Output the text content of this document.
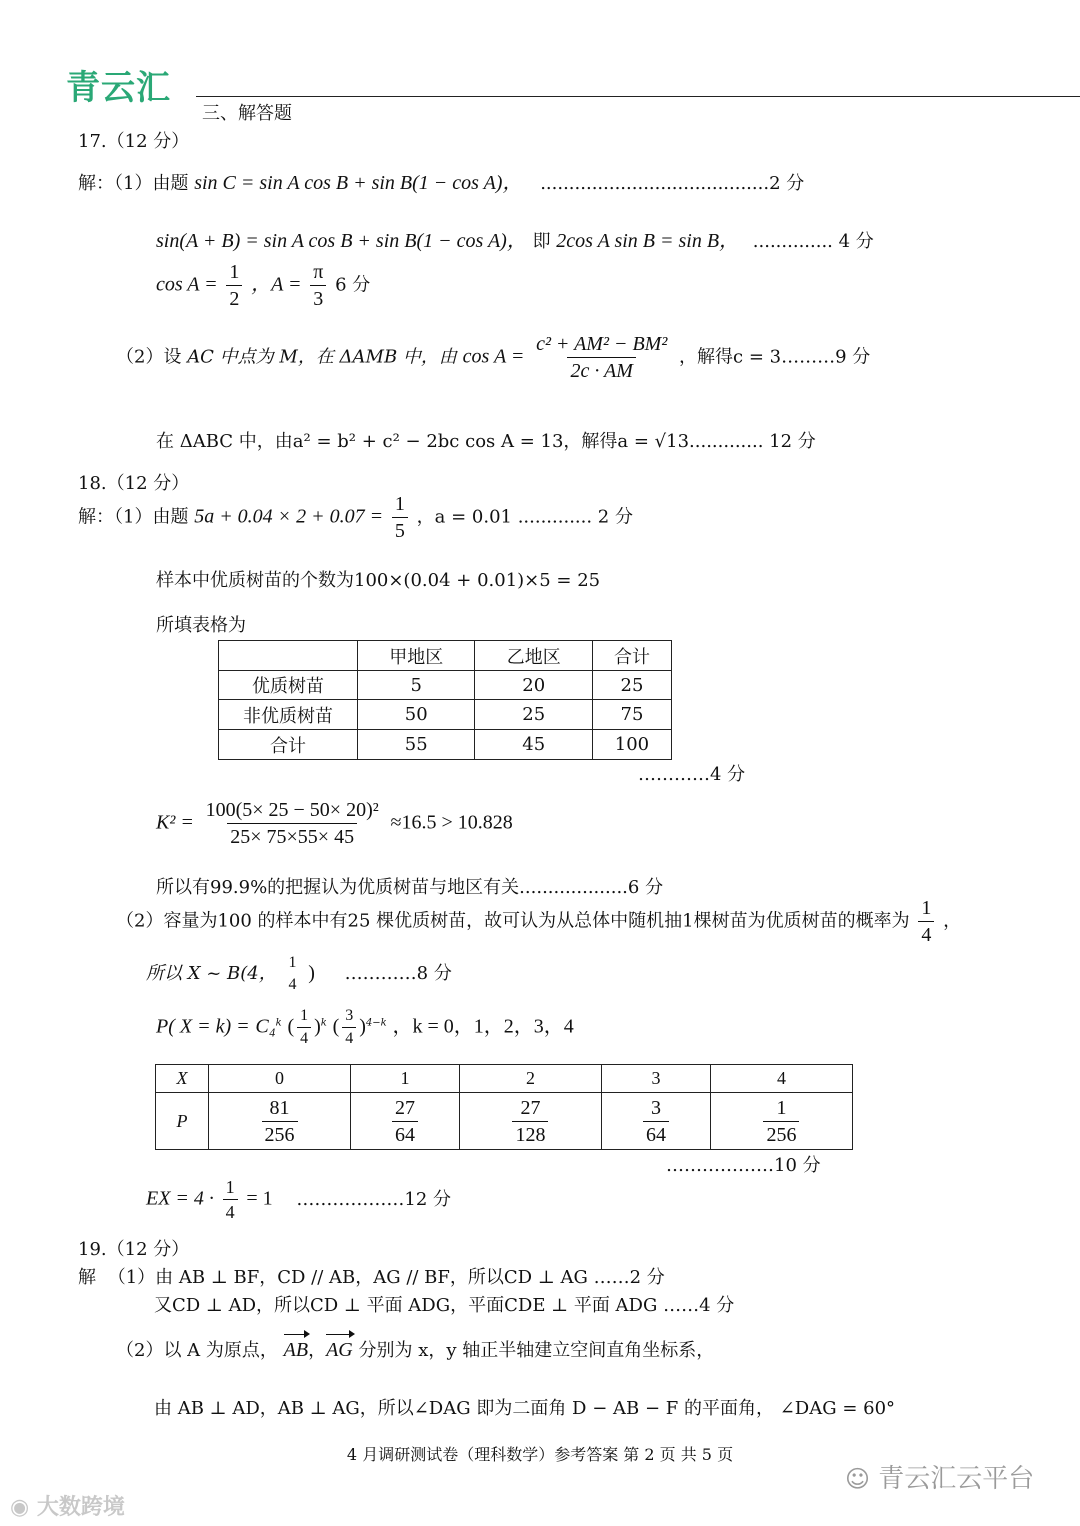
青云汇
三、解答题
17.（12 分）
解：（1）由题 sin C = sin A cos B + sin B(1 − cos A)， ........................................2 分
sin(A + B) = sin A cos B + sin B(1 − cos A)， 即 2cos A sin B = sin B， .............. 4 分
$\cos A = \frac{1}{2}$ ，$A = \frac{\pi}{3} 6$ 分
（2）设 AC 中点为 M，在 ΔAMB 中，由 $\cos A = \frac{\text{c² + AM² − BM²}}{2c \cdot AM}$ ，解得c = 3………9 分
在 ΔABC 中，由a² = b² + c² − 2bc cos A = 13，解得a = √13............. 12 分
18.（12 分）
解：（1）由题 $5a + 0.04 \times 2 + 0.07 = \frac{1}{5}$ ，a = 0.01 ............. 2 分
样本中优质树苗的个数为100×(0.04 + 0.01)×5 = 25
所填表格为
	甲地区	乙地区	合计
优质树苗	5	20	25
非优质树苗	50	25	75
合计	55	45	100
…………4 分
$K^2 = \frac{\text{100(5× 25 − 50× 20)²}}{25\times 75\times 55\times 45} \approx 16.5 > 10.828$
所以有99.9%的把握认为优质树苗与地区有关...................6 分
（2）容量为100 的样本中有25 棵优质树苗，故可认为从总体中随机抽1棵树苗为优质树苗的概率为 $\frac{1}{4}$ ，
所以 X ~ B(4，
1
4
) …………8 分
P( X = k) = C₄$^k$ ( $\frac{1}{4} )^k$ ( $\frac{3}{4} )^{4-k}$ ，k = 0，1，2，3，4
X	0	1	2	3	4
P	$\frac{81}{256}$	$\frac{27}{64}$	$\frac{27}{128}$	$\frac{3}{64}$	$\frac{1}{256}$
………………10 分
EX = $4 \cdot \frac{1}{4} = 1$ ………………12 分
19.（12 分）
解 （1）由 AB ⊥ BF，CD // AB，AG // BF，所以CD ⊥ AG ……2 分
又CD ⊥ AD，所以CD ⊥ 平面 ADG，平面CDE ⊥ 平面 ADG ……4 分
（2）以 A 为原点， AB，AG 分别为 x，y 轴正半轴建立空间直角坐标系，
由 AB ⊥ AD，AB ⊥ AG，所以∠DAG 即为二面角 D − AB − F 的平面角， ∠DAG = 60°
4 月调研测试卷（理科数学）参考答案 第 2 页 共 5 页
☺ 青云汇云平台
◉ 大数跨境
